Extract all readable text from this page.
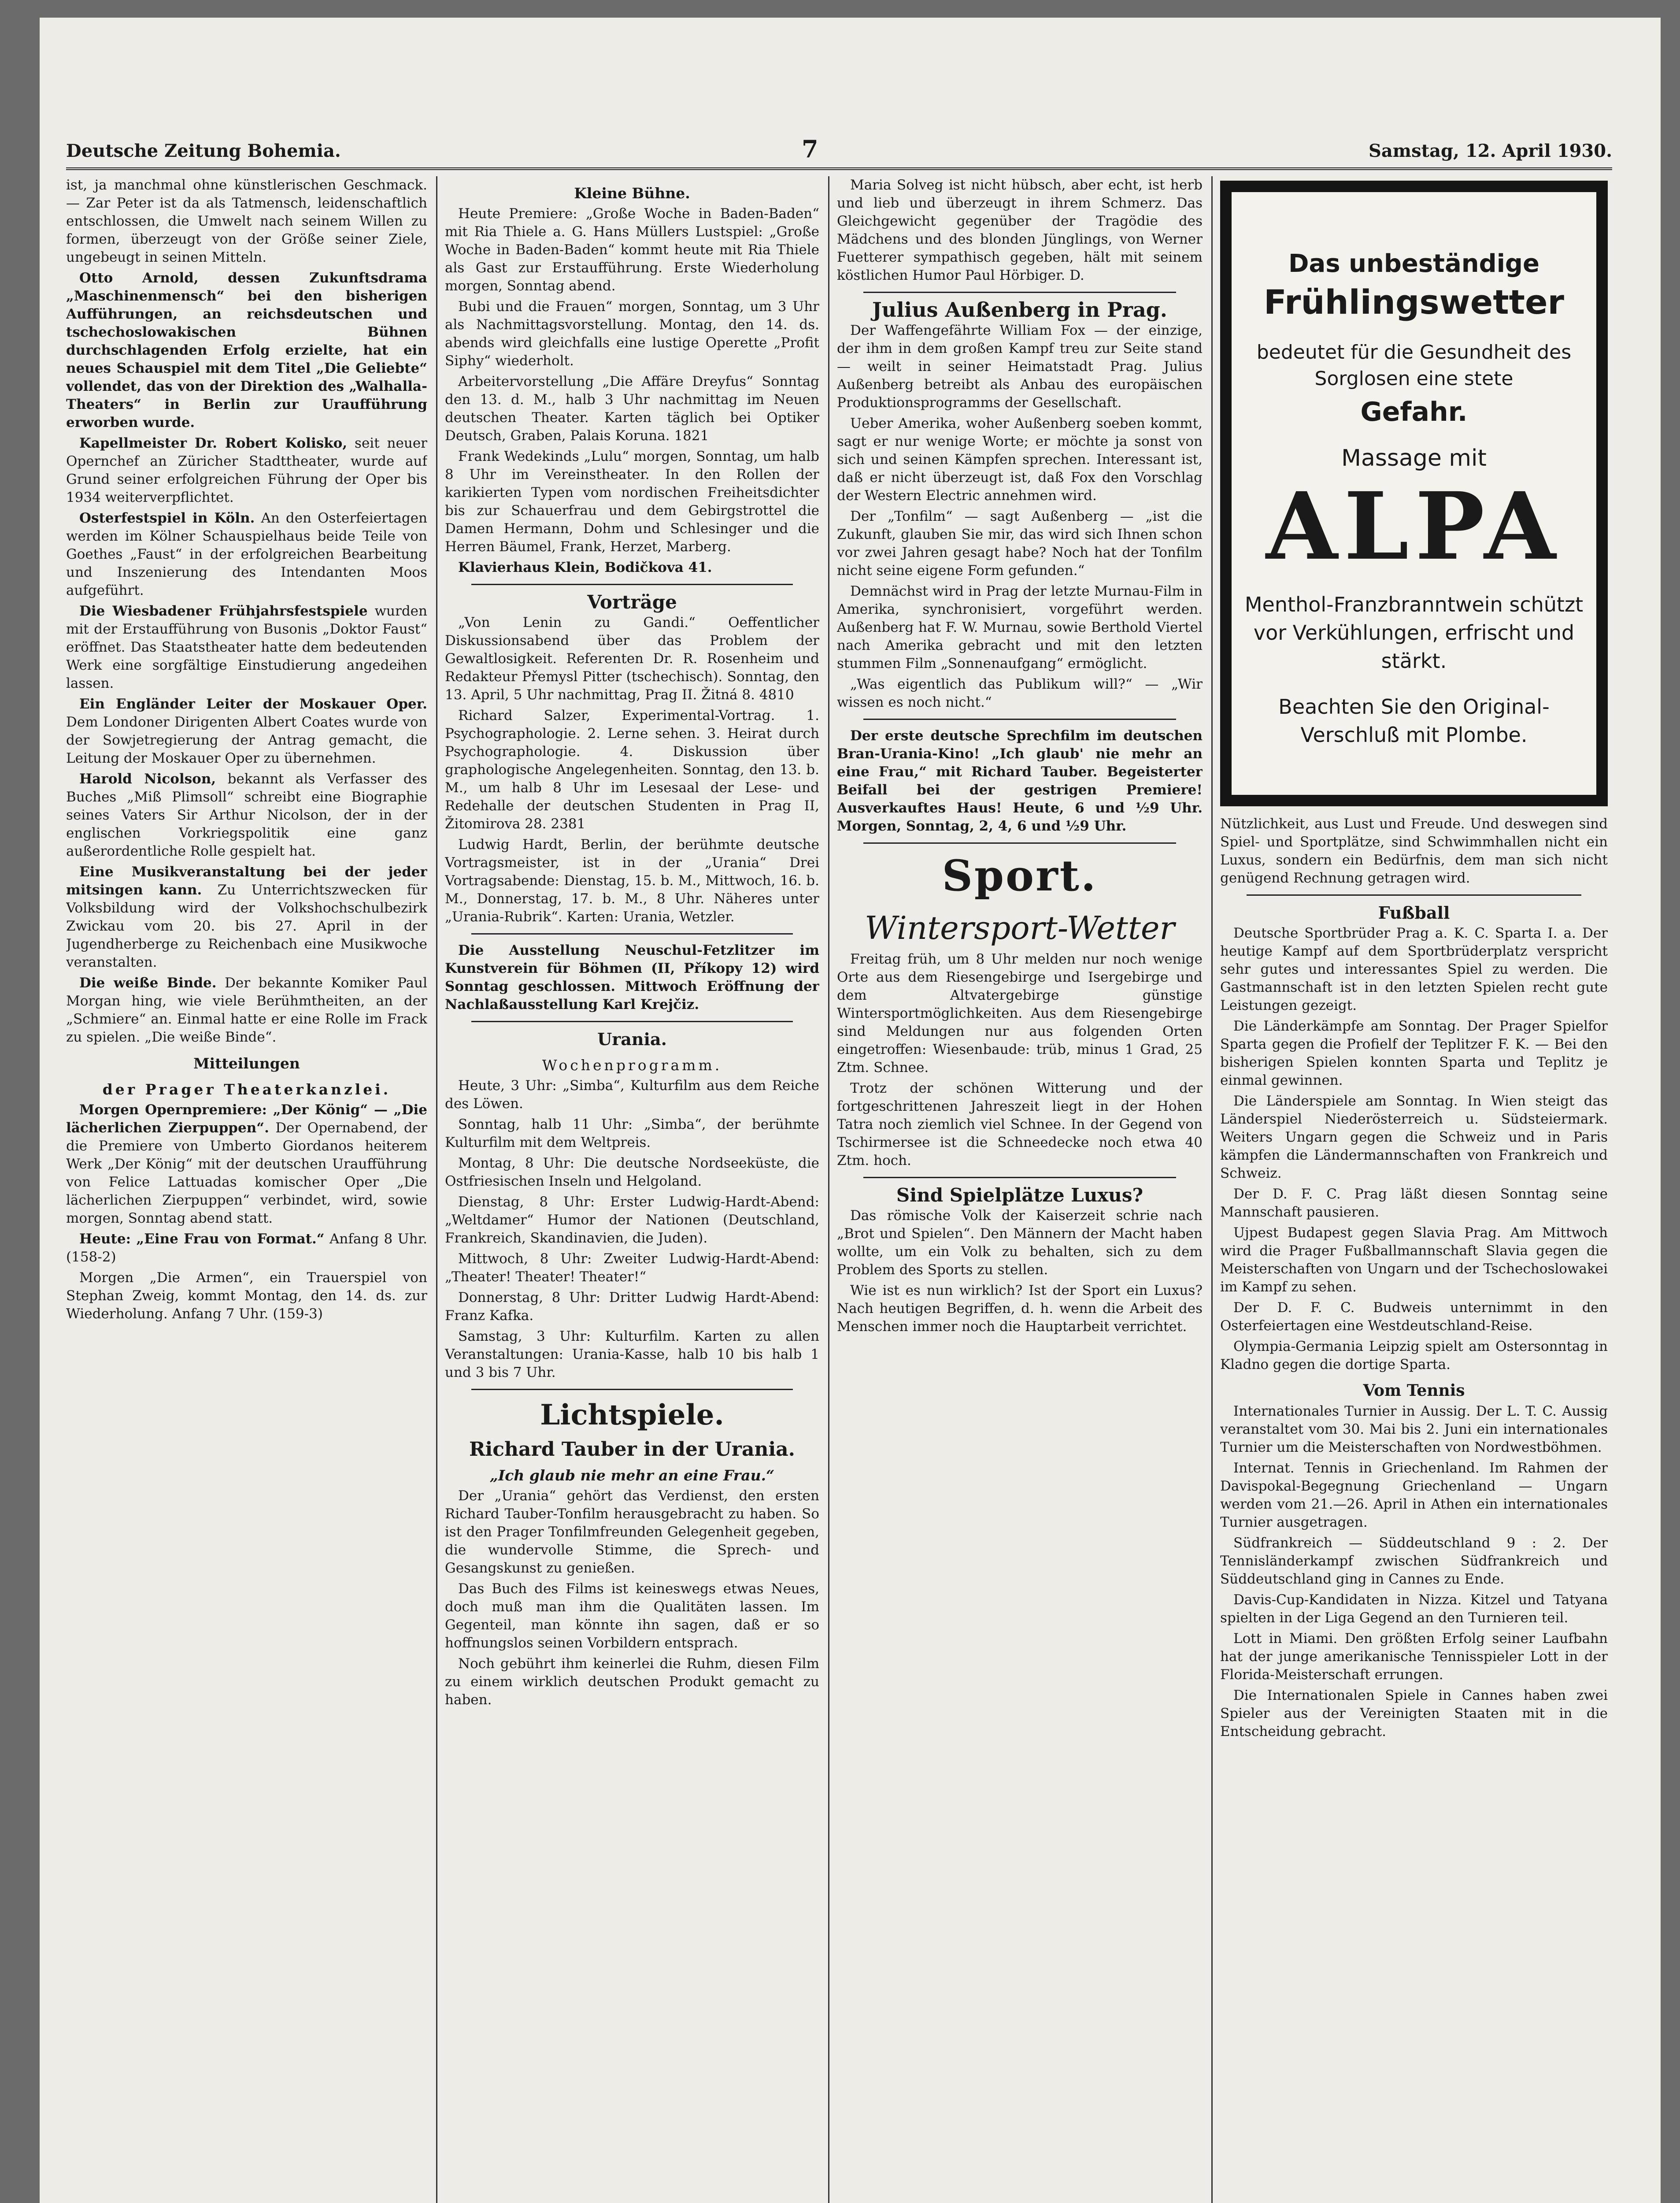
Deutsche Zeitung Bohemia.	7	Samstag, 12. April 1930.

ist, ja manchmal ohne künstlerischen Geschmack. — Zar Peter ist da als Tatmensch, leidenschaftlich entschlossen, die Umwelt nach seinem Willen zu formen, überzeugt von der Größe seiner Ziele, ungebeugt in seinen Mitteln.

Otto Arnold, dessen Zukunftsdrama „Maschinenmensch“ bei den bisherigen Aufführungen, an reichsdeutschen und tschechoslowakischen Bühnen durchschlagenden Erfolg erzielte, hat ein neues Schauspiel mit dem Titel „Die Geliebte“ vollendet, das von der Direktion des „Walhalla-Theaters“ in Berlin zur Uraufführung erworben wurde.

Kapellmeister Dr. Robert Kolisko, seit neuer Opernchef an Züricher Stadttheater, wurde auf Grund seiner erfolgreichen Führung der Oper bis 1934 weiterverpflichtet.

Osterfestspiel in Köln. An den Osterfeiertagen werden im Kölner Schauspielhaus beide Teile von Goethes „Faust“ in der erfolgreichen Bearbeitung und Inszenierung des Intendanten Moos aufgeführt.

Die Wiesbadener Frühjahrsfestspiele wurden mit der Erstaufführung von Busonis „Doktor Faust“ eröffnet. Das Staatstheater hatte dem bedeutenden Werk eine sorgfältige Einstudierung angedeihen lassen.

Ein Engländer Leiter der Moskauer Oper. Dem Londoner Dirigenten Albert Coates wurde von der Sowjetregierung der Antrag gemacht, die Leitung der Moskauer Oper zu übernehmen.

Harold Nicolson, bekannt als Verfasser des Buches „Miß Plimsoll“ schreibt eine Biographie seines Vaters Sir Arthur Nicolson, der in der englischen Vorkriegspolitik eine ganz außerordentliche Rolle gespielt hat.

Eine Musikveranstaltung bei der jeder mitsingen kann. Zu Unterrichtszwecken für Volksbildung wird der Volkshochschulbezirk Zwickau vom 20. bis 27. April in der Jugendherberge zu Reichenbach eine Musikwoche veranstalten.

Die weiße Binde. Der bekannte Komiker Paul Morgan hing, wie viele Berühmtheiten, an der „Schmiere“ an. Einmal hatte er eine Rolle im Frack zu spielen. „Die weiße Binde“.

Mitteilungen
der Prager Theaterkanzlei.

Morgen Opernpremiere: „Der König“ — „Die lächerlichen Zierpuppen“. Der Opernabend, der die Premiere von Umberto Giordanos heiterem Werk „Der König“ mit der deutschen Uraufführung von Felice Lattuadas komischer Oper „Die lächerlichen Zierpuppen“ verbindet, wird, sowie morgen, Sonntag abend statt.

Heute: „Eine Frau von Format.“ Anfang 8 Uhr. (158-2)

Morgen „Die Armen“, ein Trauerspiel von Stephan Zweig, kommt Montag, den 14. ds. zur Wiederholung. Anfang 7 Uhr. (159-3)

Kleine Bühne.

Heute Premiere: „Große Woche in Baden-Baden“ mit Ria Thiele a. G. Hans Müllers Lustspiel: „Große Woche in Baden-Baden“ kommt heute mit Ria Thiele als Gast zur Erstaufführung. Erste Wiederholung morgen, Sonntag abend.

Bubi und die Frauen“ morgen, Sonntag, um 3 Uhr als Nachmittagsvorstellung. Montag, den 14. ds. abends wird gleichfalls eine lustige Operette „Profit Siphy“ wiederholt.

Arbeitervorstellung „Die Affäre Dreyfus“ Sonntag den 13. d. M., halb 3 Uhr nachmittag im Neuen deutschen Theater. Karten täglich bei Optiker Deutsch, Graben, Palais Koruna. 1821

Frank Wedekinds „Lulu“ morgen, Sonntag, um halb 8 Uhr im Vereinstheater. In den Rollen der karikierten Typen vom nordischen Freiheitsdichter bis zur Schauerfrau und dem Gebirgstrottel die Damen Hermann, Dohm und Schlesinger und die Herren Bäumel, Frank, Herzet, Marberg.

Klavierhaus Klein, Bodičkova 41.

Vorträge

„Von Lenin zu Gandi.“ Oeffentlicher Diskussionsabend über das Problem der Gewaltlosigkeit. Referenten Dr. R. Rosenheim und Redakteur Přemysl Pitter (tschechisch). Sonntag, den 13. April, 5 Uhr nachmittag, Prag II. Žitná 8. 4810

Richard Salzer, Experimental-Vortrag. 1. Psychographologie. 2. Lerne sehen. 3. Heirat durch Psychographologie. 4. Diskussion über graphologische Angelegenheiten. Sonntag, den 13. b. M., um halb 8 Uhr im Lesesaal der Lese- und Redehalle der deutschen Studenten in Prag II, Žitomirova 28. 2381

Ludwig Hardt, Berlin, der berühmte deutsche Vortragsmeister, ist in der „Urania“ Drei Vortragsabende: Dienstag, 15. b. M., Mittwoch, 16. b. M., Donnerstag, 17. b. M., 8 Uhr. Näheres unter „Urania-Rubrik“. Karten: Urania, Wetzler.

Die Ausstellung Neuschul-Fetzlitzer im Kunstverein für Böhmen (II, Příkopy 12) wird Sonntag geschlossen. Mittwoch Eröffnung der Nachlaßausstellung Karl Krejčiz.

Urania.
Wochenprogramm.

Heute, 3 Uhr: „Simba“, Kulturfilm aus dem Reiche des Löwen.

Sonntag, halb 11 Uhr: „Simba“, der berühmte Kulturfilm mit dem Weltpreis.

Montag, 8 Uhr: Die deutsche Nordseeküste, die Ostfriesischen Inseln und Helgoland.

Dienstag, 8 Uhr: Erster Ludwig-Hardt-Abend: „Weltdamer“ Humor der Nationen (Deutschland, Frankreich, Skandinavien, die Juden).

Mittwoch, 8 Uhr: Zweiter Ludwig-Hardt-Abend: „Theater! Theater! Theater!“

Donnerstag, 8 Uhr: Dritter Ludwig Hardt-Abend: Franz Kafka.

Samstag, 3 Uhr: Kulturfilm. Karten zu allen Veranstaltungen: Urania-Kasse, halb 10 bis halb 1 und 3 bis 7 Uhr.

Lichtspiele.
Richard Tauber in der Urania.
„Ich glaub nie mehr an eine Frau.“

Der „Urania“ gehört das Verdienst, den ersten Richard Tauber-Tonfilm herausgebracht zu haben. So ist den Prager Tonfilmfreunden Gelegenheit gegeben, die wundervolle Stimme, die Sprech- und Gesangskunst zu genießen.

Das Buch des Films ist keineswegs etwas Neues, doch muß man ihm die Qualitäten lassen. Im Gegenteil, man könnte ihn sagen, daß er so hoffnungslos seinen Vorbildern entsprach.

Noch gebührt ihm keinerlei die Ruhm, diesen Film zu einem wirklich deutschen Produkt gemacht zu haben.

Maria Solveg ist nicht hübsch, aber echt, ist herb und lieb und überzeugt in ihrem Schmerz. Das Gleichgewicht gegenüber der Tragödie des Mädchens und des blonden Jünglings, von Werner Fuetterer sympathisch gegeben, hält mit seinem köstlichen Humor Paul Hörbiger. D.

Julius Außenberg in Prag.

Der Waffengefährte William Fox — der einzige, der ihm in dem großen Kampf treu zur Seite stand — weilt in seiner Heimatstadt Prag. Julius Außenberg betreibt als Anbau des europäischen Produktionsprogramms der Gesellschaft.

Ueber Amerika, woher Außenberg soeben kommt, sagt er nur wenige Worte; er möchte ja sonst von sich und seinen Kämpfen sprechen. Interessant ist, daß er nicht überzeugt ist, daß Fox den Vorschlag der Western Electric annehmen wird.

Der „Tonfilm“ — sagt Außenberg — „ist die Zukunft, glauben Sie mir, das wird sich Ihnen schon vor zwei Jahren gesagt habe? Noch hat der Tonfilm nicht seine eigene Form gefunden.“

Demnächst wird in Prag der letzte Murnau-Film in Amerika, synchronisiert, vorgeführt werden. Außenberg hat F. W. Murnau, sowie Berthold Viertel nach Amerika gebracht und mit den letzten stummen Film „Sonnenaufgang“ ermöglicht.

„Was eigentlich das Publikum will?“ — „Wir wissen es noch nicht.“

Der erste deutsche Sprechfilm im deutschen Bran-Urania-Kino! „Ich glaub' nie mehr an eine Frau,“ mit Richard Tauber. Begeisterter Beifall bei der gestrigen Premiere! Ausverkauftes Haus! Heute, 6 und ½9 Uhr. Morgen, Sonntag, 2, 4, 6 und ½9 Uhr.

Sport.
Wintersport-Wetter

Freitag früh, um 8 Uhr melden nur noch wenige Orte aus dem Riesengebirge und Isergebirge und dem Altvatergebirge günstige Wintersportmöglichkeiten. Aus dem Riesengebirge sind Meldungen nur aus folgenden Orten eingetroffen: Wiesenbaude: trüb, minus 1 Grad, 25 Ztm. Schnee.

Trotz der schönen Witterung und der fortgeschrittenen Jahreszeit liegt in der Hohen Tatra noch ziemlich viel Schnee. In der Gegend von Tschirmersee ist die Schneedecke noch etwa 40 Ztm. hoch.

Sind Spielplätze Luxus?

Das römische Volk der Kaiserzeit schrie nach „Brot und Spielen“. Den Männern der Macht haben wollte, um ein Volk zu behalten, sich zu dem Problem des Sports zu stellen.

Wie ist es nun wirklich? Ist der Sport ein Luxus? Nach heutigen Begriffen, d. h. wenn die Arbeit des Menschen immer noch die Hauptarbeit verrichtet.

Das unbeständige
Frühlingswetter
bedeutet für die Gesundheit des Sorglosen eine stete
Gefahr.
Massage mit
ALPA
Menthol-Franzbranntwein schützt vor Verkühlungen, erfrischt und stärkt.
Beachten Sie den Original-Verschluß mit Plombe.

Nützlichkeit, aus Lust und Freude. Und deswegen sind Spiel- und Sportplätze, sind Schwimmhallen nicht ein Luxus, sondern ein Bedürfnis, dem man sich nicht genügend Rechnung getragen wird.

Fußball

Deutsche Sportbrüder Prag a. K. C. Sparta I. a. Der heutige Kampf auf dem Sportbrüderplatz verspricht sehr gutes und interessantes Spiel zu werden. Die Gastmannschaft ist in den letzten Spielen recht gute Leistungen gezeigt.

Die Länderkämpfe am Sonntag. Der Prager Spielfor Sparta gegen die Profielf der Teplitzer F. K. — Bei den bisherigen Spielen konnten Sparta und Teplitz je einmal gewinnen.

Die Länderspiele am Sonntag. In Wien steigt das Länderspiel Niederösterreich u. Südsteiermark. Weiters Ungarn gegen die Schweiz und in Paris kämpfen die Ländermannschaften von Frankreich und Schweiz.

Der D. F. C. Prag läßt diesen Sonntag seine Mannschaft pausieren.

Ujpest Budapest gegen Slavia Prag. Am Mittwoch wird die Prager Fußballmannschaft Slavia gegen die Meisterschaften von Ungarn und der Tschechoslowakei im Kampf zu sehen.

Der D. F. C. Budweis unternimmt in den Osterfeiertagen eine Westdeutschland-Reise.

Olympia-Germania Leipzig spielt am Ostersonntag in Kladno gegen die dortige Sparta.

Vom Tennis

Internationales Turnier in Aussig. Der L. T. C. Aussig veranstaltet vom 30. Mai bis 2. Juni ein internationales Turnier um die Meisterschaften von Nordwestböhmen.

Internat. Tennis in Griechenland. Im Rahmen der Davispokal-Begegnung Griechenland — Ungarn werden vom 21.—26. April in Athen ein internationales Turnier ausgetragen.

Südfrankreich — Süddeutschland 9 : 2. Der Tennisländerkampf zwischen Südfrankreich und Süddeutschland ging in Cannes zu Ende.

Davis-Cup-Kandidaten in Nizza. Kitzel und Tatyana spielten in der Liga Gegend an den Turnieren teil.

Lott in Miami. Den größten Erfolg seiner Laufbahn hat der junge amerikanische Tennisspieler Lott in der Florida-Meisterschaft errungen.

Die Internationalen Spiele in Cannes haben zwei Spieler aus der Vereinigten Staaten mit in die Entscheidung gebracht.
